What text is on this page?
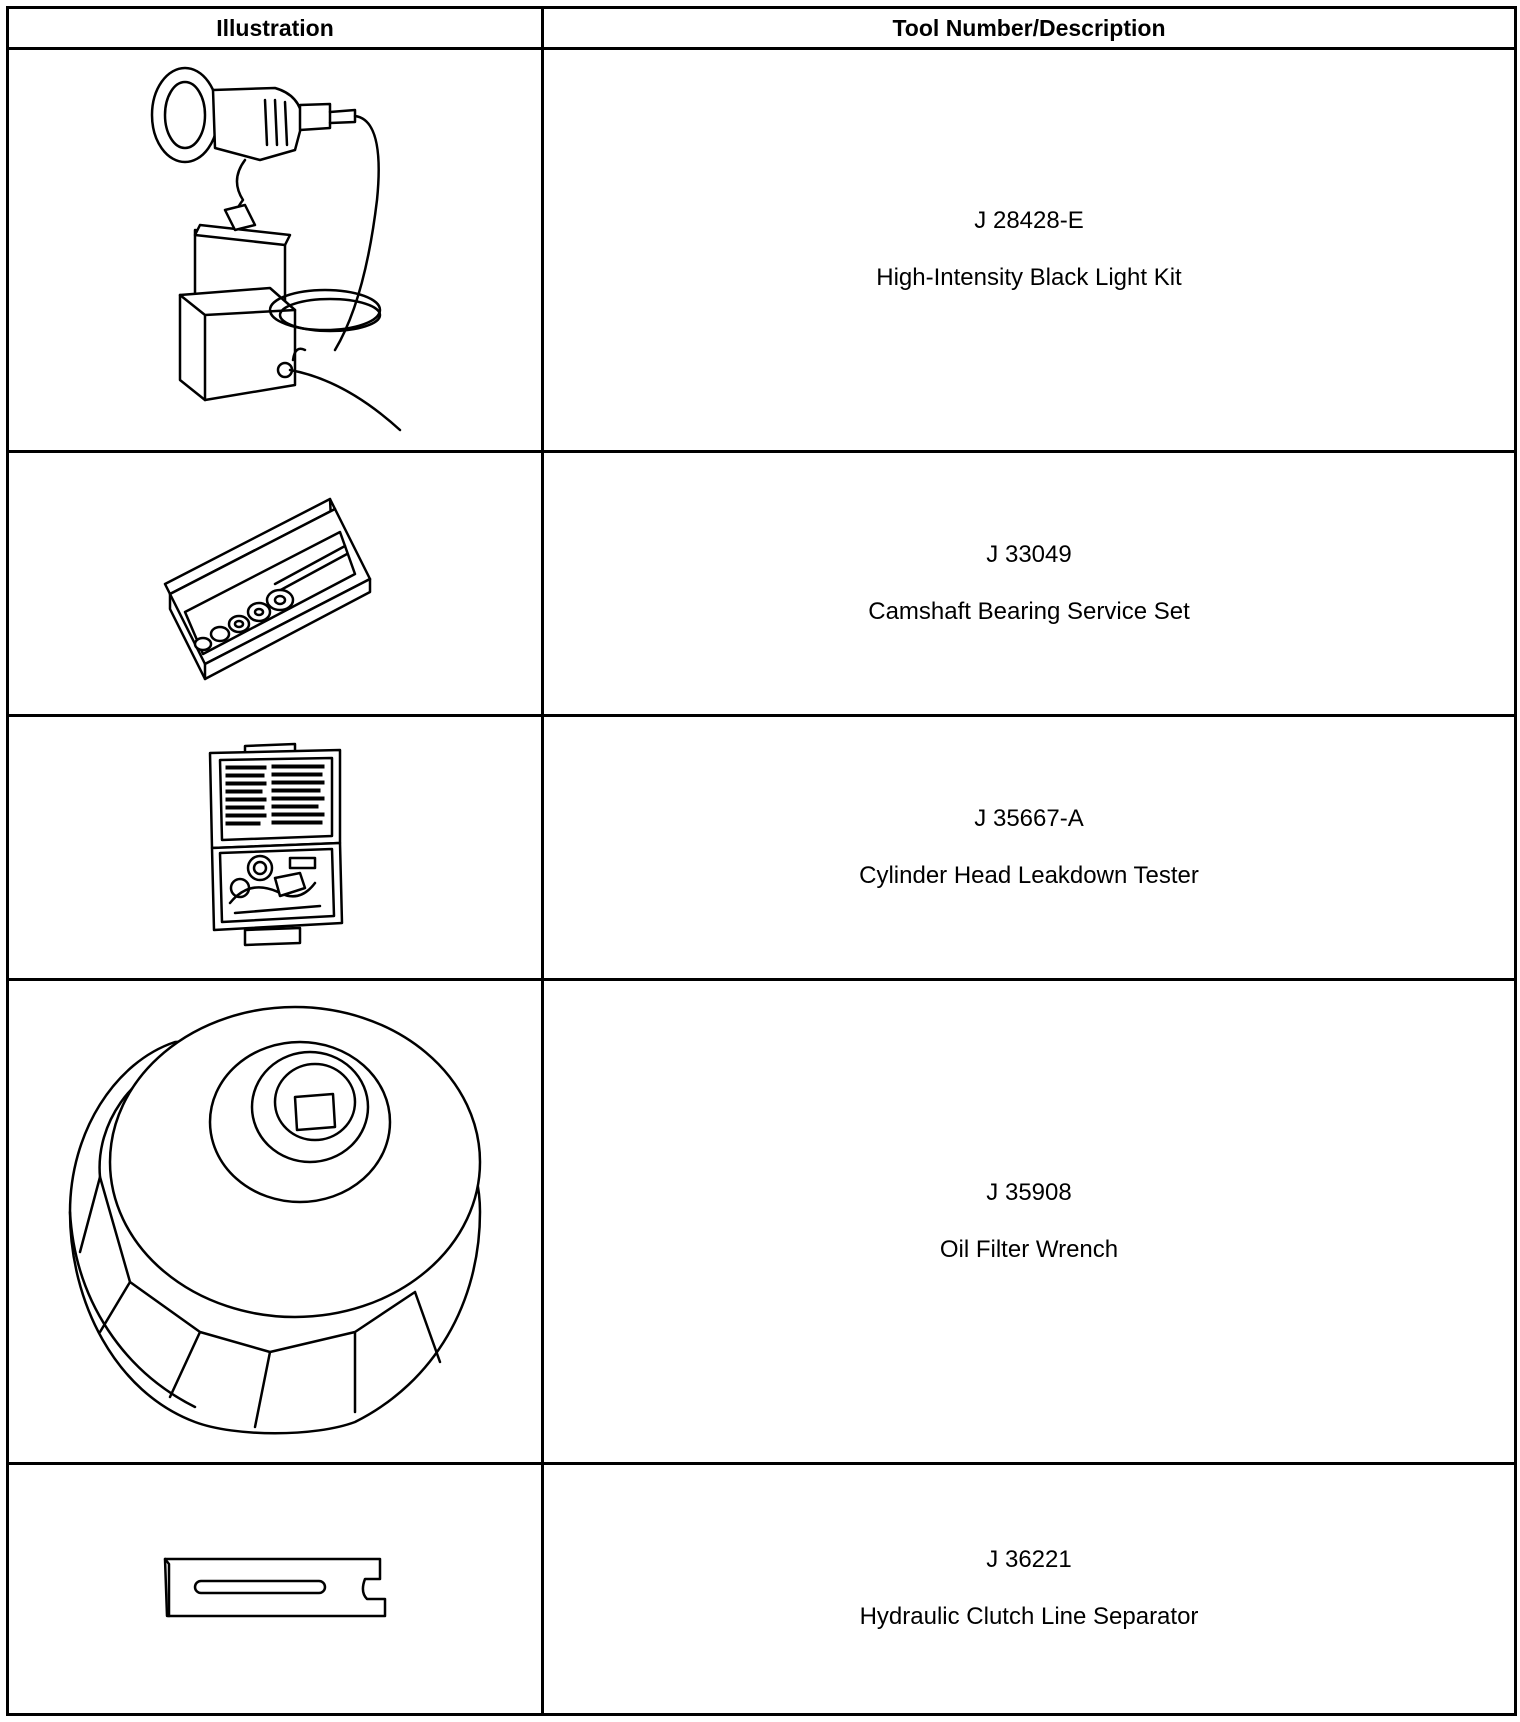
Illustration	Tool Number/Description

J 28428-E
High-Intensity Black Light Kit

J 33049
Camshaft Bearing Service Set

J 35667-A
Cylinder Head Leakdown Tester

J 35908
Oil Filter Wrench

J 36221
Hydraulic Clutch Line Separator
